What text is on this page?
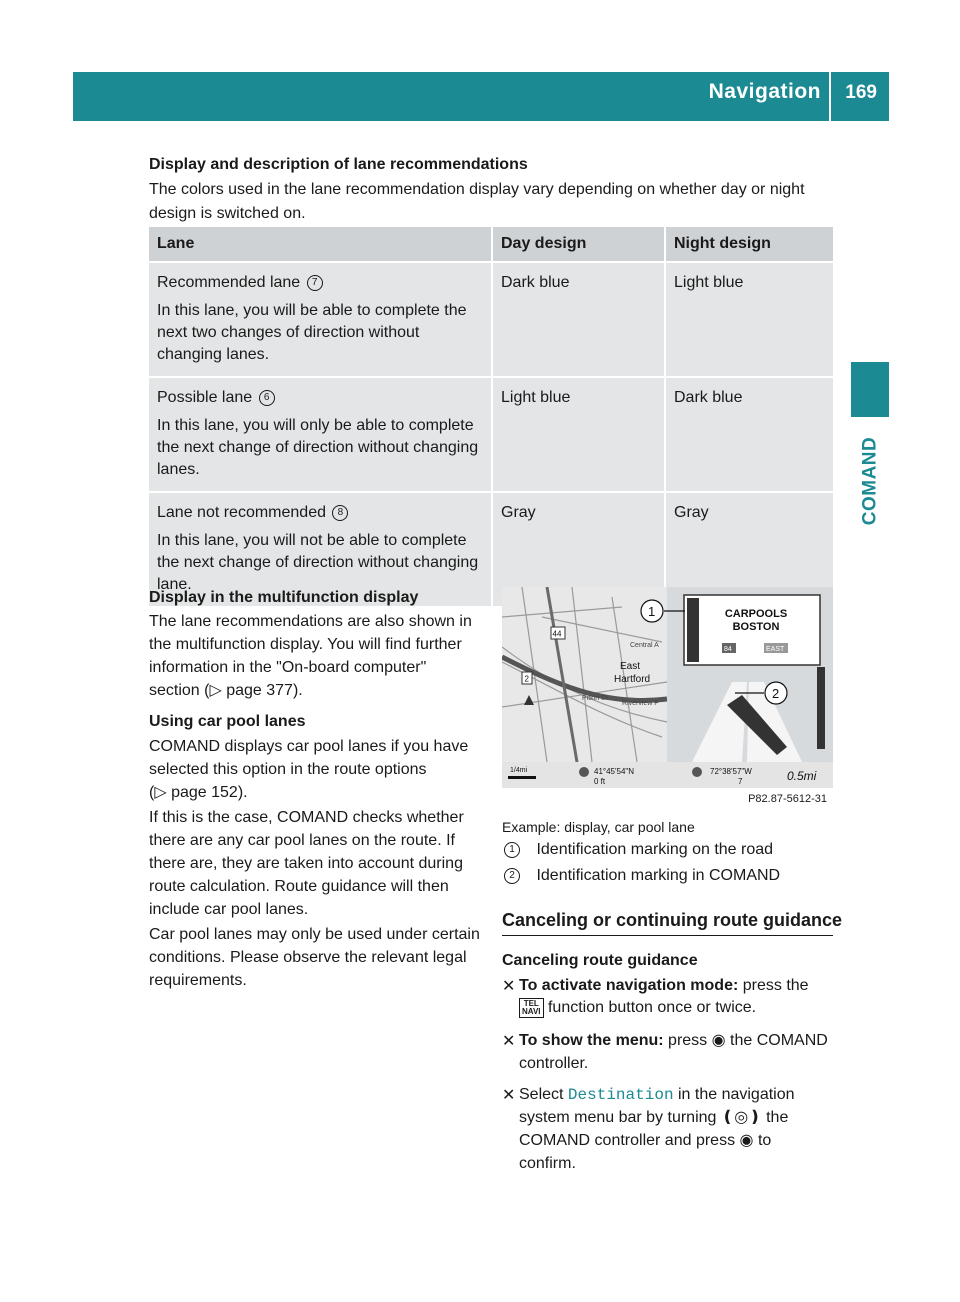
Navigation 169
COMAND
Display and description of lane recommendations
The colors used in the lane recommendation display vary depending on whether day or night design is switched on.
Lane	Day design	Night design

Recommended lane 7
In this lane, you will be able to complete the next two changes of direction without changing lanes.	Dark blue	Light blue

Possible lane 6
In this lane, you will only be able to complete the next change of direction without changing lanes.	Light blue	Dark blue

Lane not recommended 8
In this lane, you will not be able to complete the next change of direction without changing lane.	Gray	Gray
Display in the multifunction display
The lane recommendations are also shown in
the multifunction display. You will find further
information in the "On-board computer"
section (▷ page 377).
Using car pool lanes
COMAND displays car pool lanes if you have
selected this option in the route options
(▷ page 152).
If this is the case, COMAND checks whether
there are any car pool lanes on the route. If
there are, they are taken into account during
route calculation. Route guidance will then
include car pool lanes.
Car pool lanes may only be used under certain
conditions. Please observe the relevant legal
requirements.
44
2
East
Hartford
Central A
Riverview P
Pitkin St
CARPOOLS
BOSTON
84	EAST
1
2
1/4mi	41°45'54"N
0 ft
72°38'57"W
7	0.5mi
P82.87-5612-31
Example: display, car pool lane
1 Identification marking on the road
2 Identification marking in COMAND
Canceling or continuing route guidance
Canceling route guidance
✕ To activate navigation mode: press the
TEL
NAVI function button once or twice.
✕ To show the menu: press ◉ the COMAND
controller.
✕ Select Destination in the navigation
system menu bar by turning ❪◎❫ the
COMAND controller and press ◉ to
confirm.
